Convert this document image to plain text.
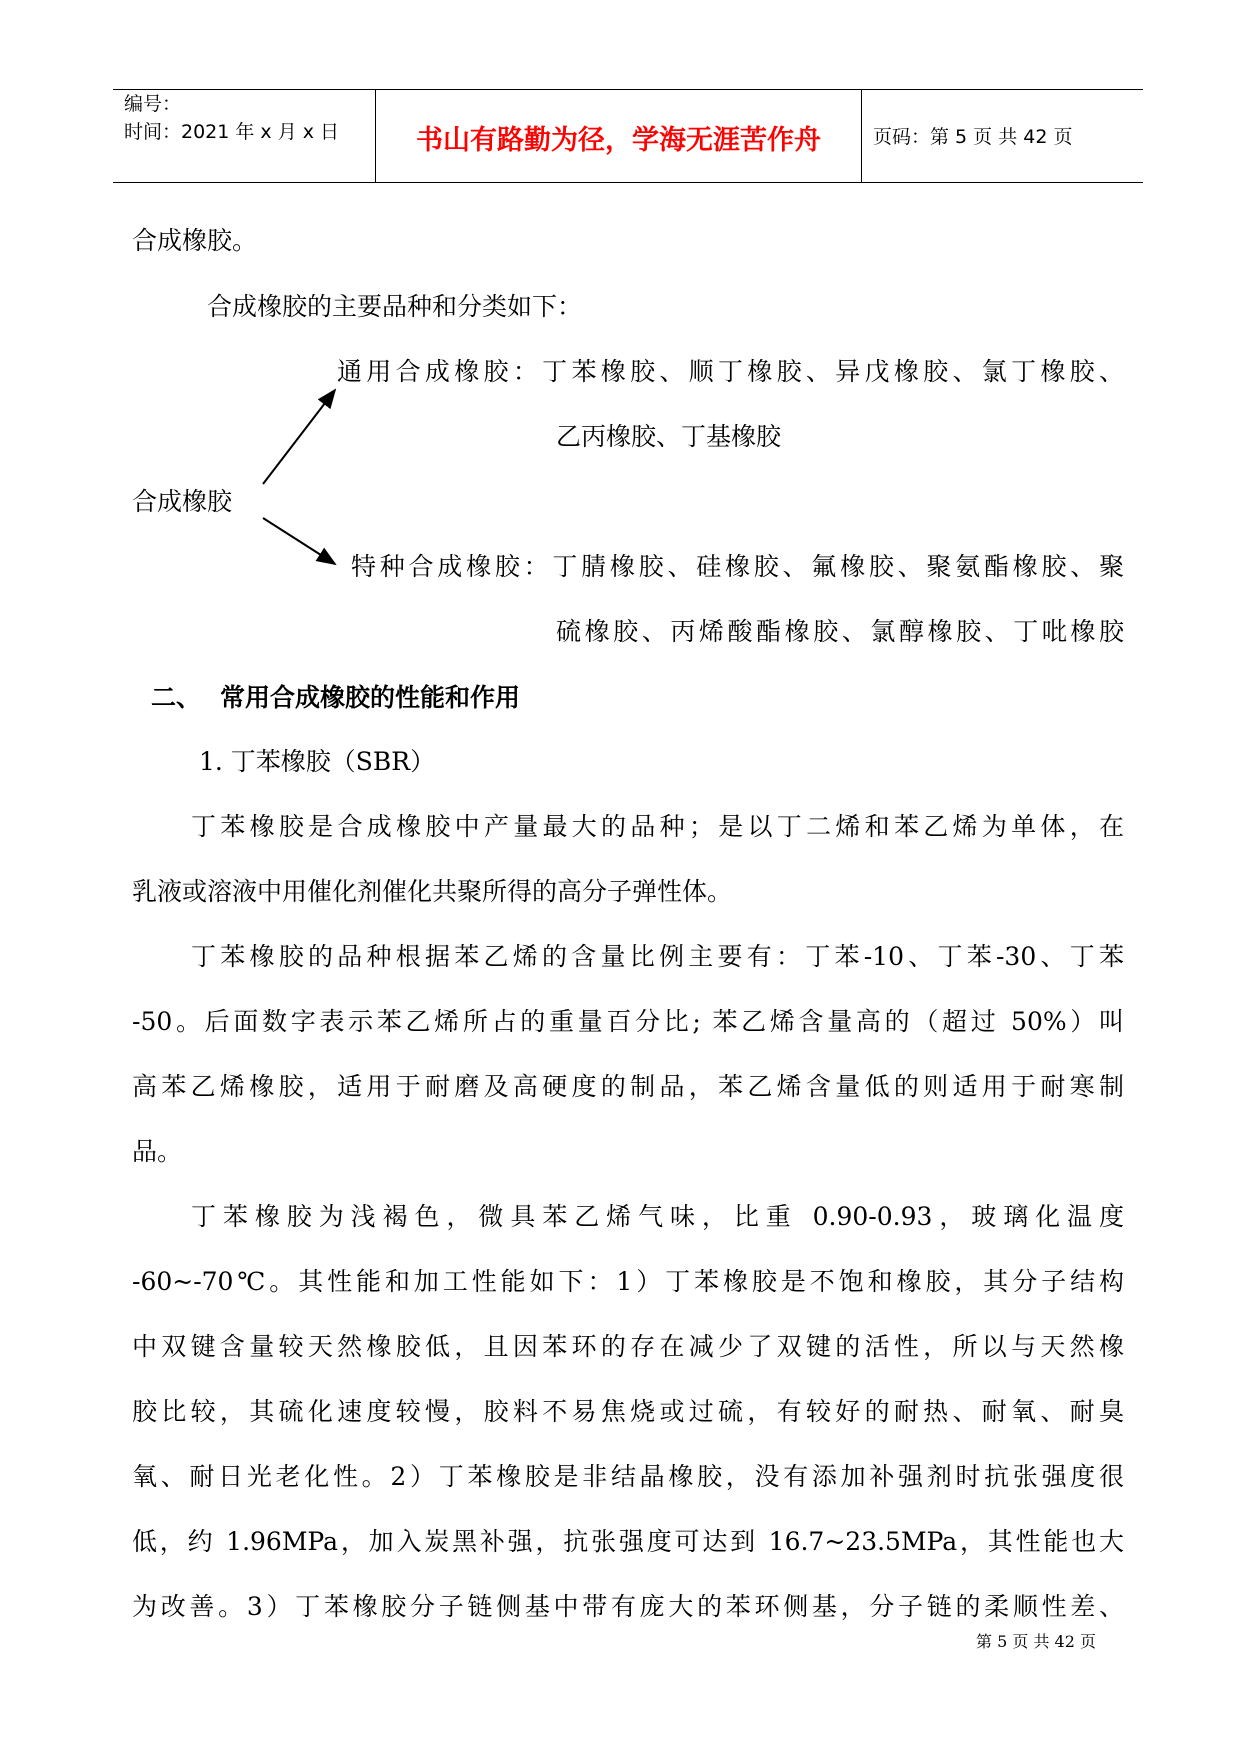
编号：
时间：2021 年 x 月 x 日	书山有路勤为径，学海无涯苦作舟	页码：第 5 页 共 42 页
合成橡胶。
合成橡胶的主要品种和分类如下：
通用合成橡胶：丁苯橡胶、顺丁橡胶、异戊橡胶、氯丁橡胶、
乙丙橡胶、丁基橡胶
合成橡胶
特种合成橡胶：丁腈橡胶、硅橡胶、氟橡胶、聚氨酯橡胶、聚
硫橡胶、丙烯酸酯橡胶、氯醇橡胶、丁吡橡胶
二、 常用合成橡胶的性能和作用
1. 丁苯橡胶（SBR）
丁苯橡胶是合成橡胶中产量最大的品种；是以丁二烯和苯乙烯为单体，在
乳液或溶液中用催化剂催化共聚所得的高分子弹性体。
丁苯橡胶的品种根据苯乙烯的含量比例主要有：丁苯-10、丁苯-30、丁苯
-50。后面数字表示苯乙烯所占的重量百分比; 苯乙烯含量高的（超过 50%）叫
高苯乙烯橡胶，适用于耐磨及高硬度的制品，苯乙烯含量低的则适用于耐寒制
品。
丁苯橡胶为浅褐色，微具苯乙烯气味，比重 0.90-0.93，玻璃化温度
-60~-70℃。其性能和加工性能如下：1）丁苯橡胶是不饱和橡胶，其分子结构
中双键含量较天然橡胶低，且因苯环的存在减少了双键的活性，所以与天然橡
胶比较，其硫化速度较慢，胶料不易焦烧或过硫，有较好的耐热、耐氧、耐臭
氧、耐日光老化性。2）丁苯橡胶是非结晶橡胶，没有添加补强剂时抗张强度很
低，约 1.96MPa，加入炭黑补强，抗张强度可达到 16.7~23.5MPa，其性能也大
为改善。3）丁苯橡胶分子链侧基中带有庞大的苯环侧基，分子链的柔顺性差、
第 5 页 共 42 页
